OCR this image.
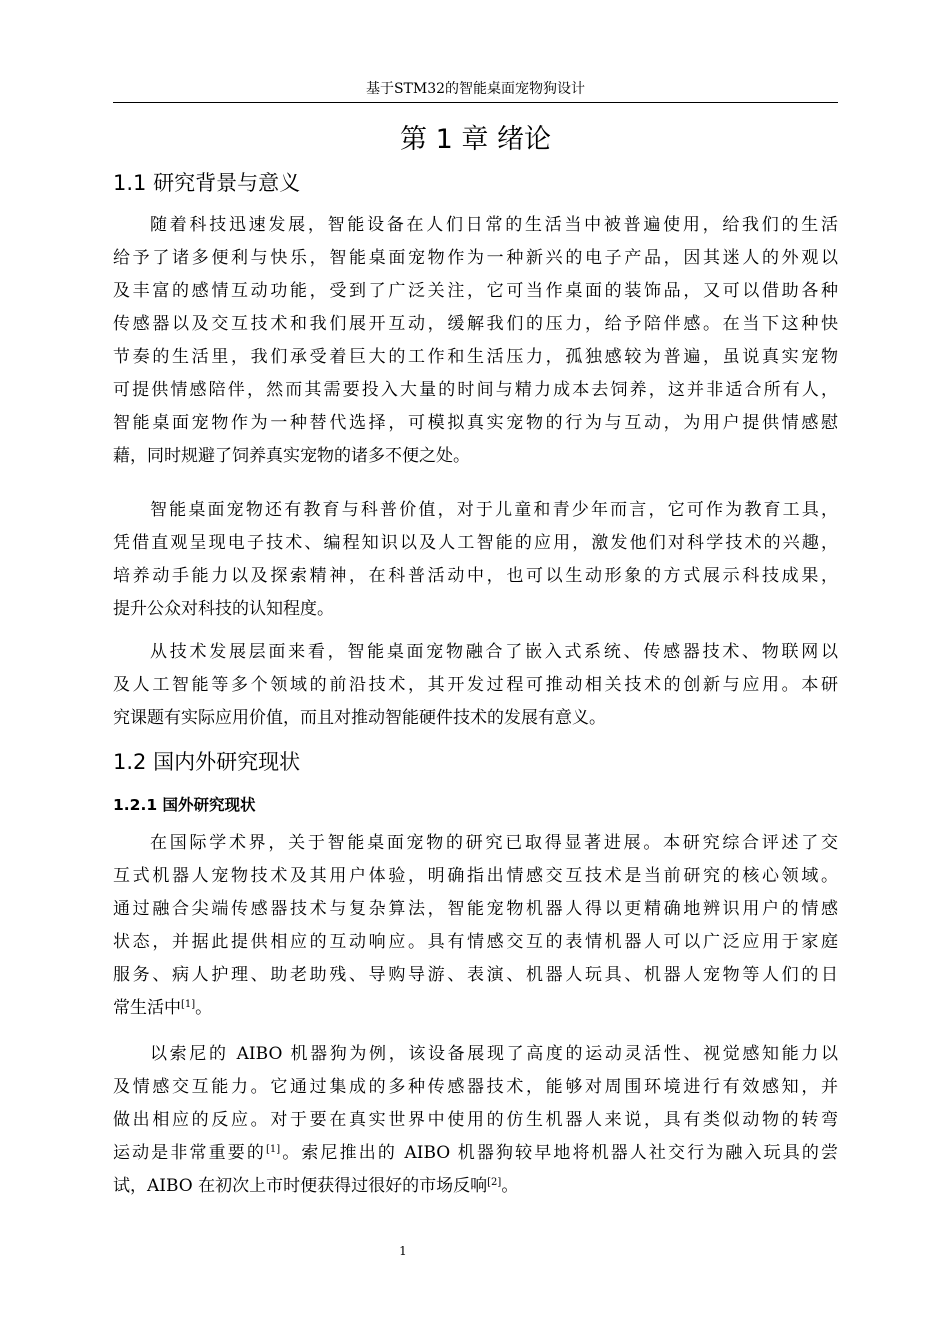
基于STM32的智能桌面宠物狗设计
第 1 章 绪论
1.1 研究背景与意义
随着科技迅速发展，智能设备在人们日常的生活当中被普遍使用，给我们的生活
给予了诸多便利与快乐，智能桌面宠物作为一种新兴的电子产品，因其迷人的外观以
及丰富的感情互动功能，受到了广泛关注，它可当作桌面的装饰品，又可以借助各种
传感器以及交互技术和我们展开互动，缓解我们的压力，给予陪伴感。在当下这种快
节奏的生活里，我们承受着巨大的工作和生活压力，孤独感较为普遍，虽说真实宠物
可提供情感陪伴，然而其需要投入大量的时间与精力成本去饲养，这并非适合所有人，
智能桌面宠物作为一种替代选择，可模拟真实宠物的行为与互动，为用户提供情感慰
藉，同时规避了饲养真实宠物的诸多不便之处。
智能桌面宠物还有教育与科普价值，对于儿童和青少年而言，它可作为教育工具，
凭借直观呈现电子技术、编程知识以及人工智能的应用，激发他们对科学技术的兴趣，
培养动手能力以及探索精神，在科普活动中，也可以生动形象的方式展示科技成果，
提升公众对科技的认知程度。
从技术发展层面来看，智能桌面宠物融合了嵌入式系统、传感器技术、物联网以
及人工智能等多个领域的前沿技术，其开发过程可推动相关技术的创新与应用。本研
究课题有实际应用价值，而且对推动智能硬件技术的发展有意义。
1.2 国内外研究现状
1.2.1 国外研究现状
在国际学术界，关于智能桌面宠物的研究已取得显著进展。本研究综合评述了交
互式机器人宠物技术及其用户体验，明确指出情感交互技术是当前研究的核心领域。
通过融合尖端传感器技术与复杂算法，智能宠物机器人得以更精确地辨识用户的情感
状态，并据此提供相应的互动响应。具有情感交互的表情机器人可以广泛应用于家庭
服务、病人护理、助老助残、导购导游、表演、机器人玩具、机器人宠物等人们的日
常生活中[1]。
以索尼的 AIBO 机器狗为例，该设备展现了高度的运动灵活性、视觉感知能力以
及情感交互能力。它通过集成的多种传感器技术，能够对周围环境进行有效感知，并
做出相应的反应。对于要在真实世界中使用的仿生机器人来说，具有类似动物的转弯
运动是非常重要的[1]。索尼推出的 AIBO 机器狗较早地将机器人社交行为融入玩具的尝
试，AIBO 在初次上市时便获得过很好的市场反响[2]。
1
